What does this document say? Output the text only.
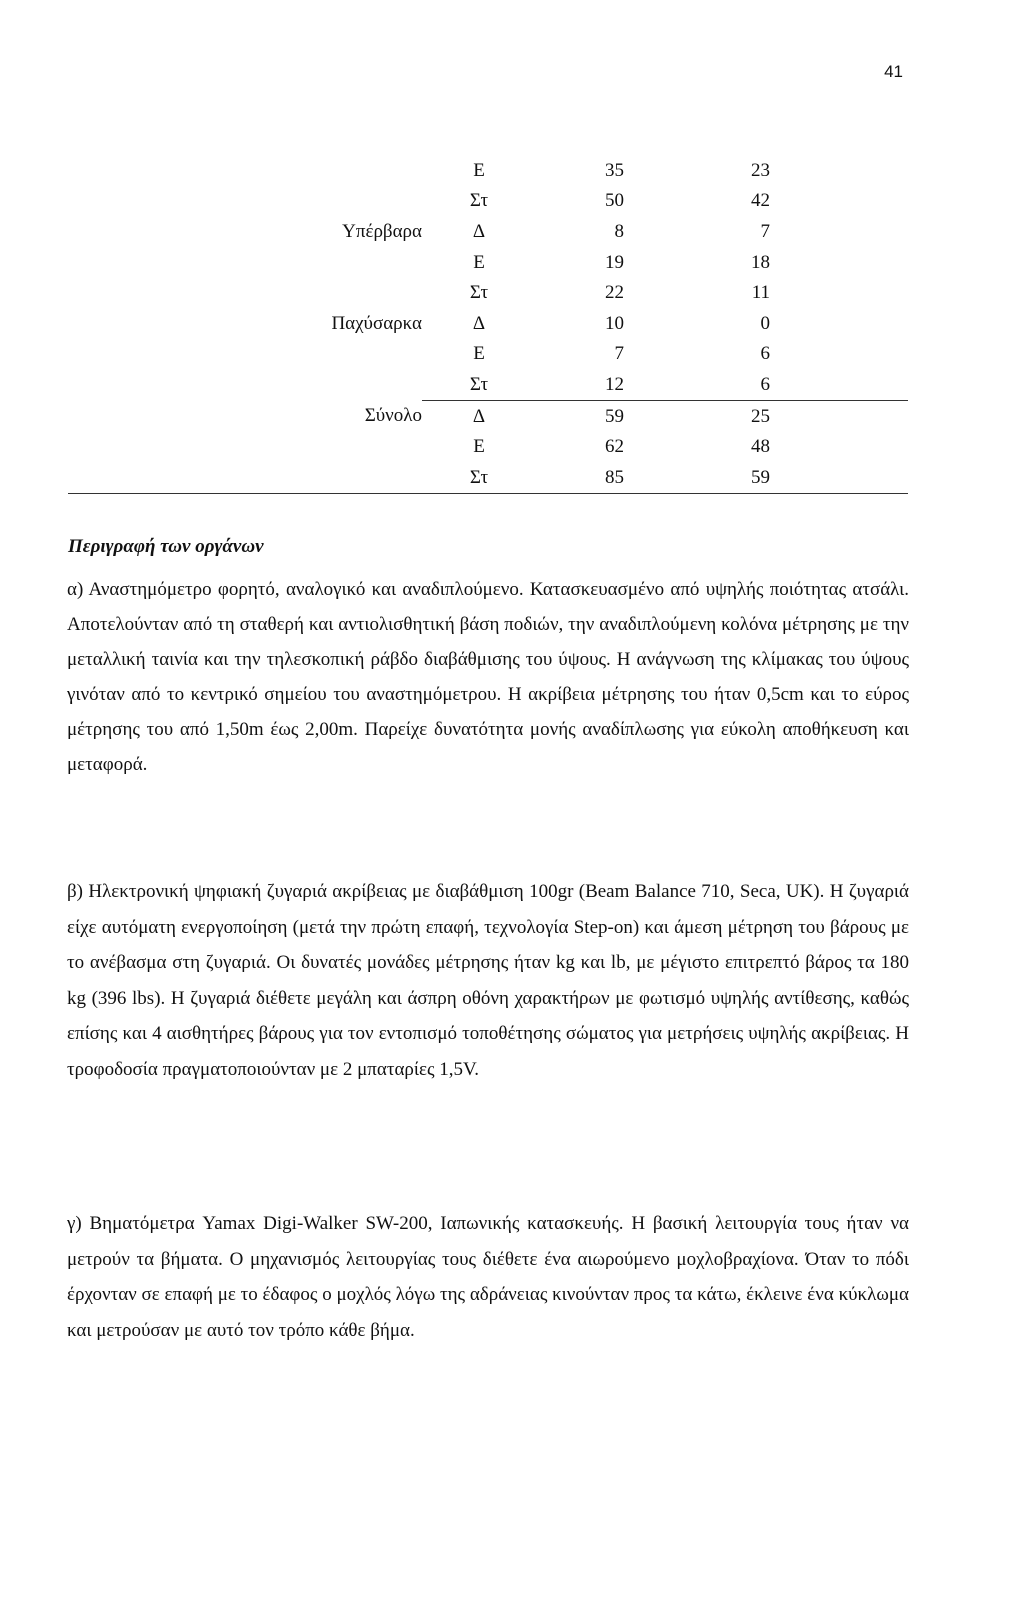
41
	Ε	35	23	
	Στ	50	42	
Υπέρβαρα	Δ	8	7	
	Ε	19	18	
	Στ	22	11	
Παχύσαρκα	Δ	10	0	
	Ε	7	6	
	Στ	12	6	
Σύνολο	Δ	59	25	
	Ε	62	48	
	Στ	85	59	
Περιγραφή των οργάνων

α) Αναστημόμετρο φορητό, αναλογικό και αναδιπλούμενο. Κατασκευασμένο από υψηλής ποιότητας ατσάλι. Αποτελούνταν από τη σταθερή και αντιολισθητική βάση ποδιών, την αναδιπλούμενη κολόνα μέτρησης με την μεταλλική ταινία και την τηλεσκοπική ράβδο διαβάθμισης του ύψους. Η ανάγνωση της κλίμακας του ύψους γινόταν από το κεντρικό σημείου του αναστημόμετρου. Η ακρίβεια μέτρησης του ήταν 0,5cm και το εύρος μέτρησης του από 1,50m έως 2,00m. Παρείχε δυνατότητα μονής αναδίπλωσης για εύκολη αποθήκευση και μεταφορά.

β) Ηλεκτρονική ψηφιακή ζυγαριά ακρίβειας με διαβάθμιση 100gr (Beam Balance 710, Seca, UK). Η ζυγαριά είχε αυτόματη ενεργοποίηση (μετά την πρώτη επαφή, τεχνολογία Step-on) και άμεση μέτρηση του βάρους με το ανέβασμα στη ζυγαριά. Οι δυνατές μονάδες μέτρησης ήταν kg και lb, με μέγιστο επιτρεπτό βάρος τα 180 kg (396 lbs). Η ζυγαριά διέθετε μεγάλη και άσπρη οθόνη χαρακτήρων με φωτισμό υψηλής αντίθεσης, καθώς επίσης και 4 αισθητήρες βάρους για τον εντοπισμό τοποθέτησης σώματος για μετρήσεις υψηλής ακρίβειας. Η τροφοδοσία πραγματοποιούνταν με 2 μπαταρίες 1,5V.

γ) Βηματόμετρα Yamax Digi-Walker SW-200, Ιαπωνικής κατασκευής. Η βασική λειτουργία τους ήταν να μετρούν τα βήματα. Ο μηχανισμός λειτουργίας τους διέθετε ένα αιωρούμενο μοχλοβραχίονα. Όταν το πόδι έρχονταν σε επαφή με το έδαφος ο μοχλός λόγω της αδράνειας κινούνταν προς τα κάτω, έκλεινε ένα κύκλωμα και μετρούσαν με αυτό τον τρόπο κάθε βήμα.
